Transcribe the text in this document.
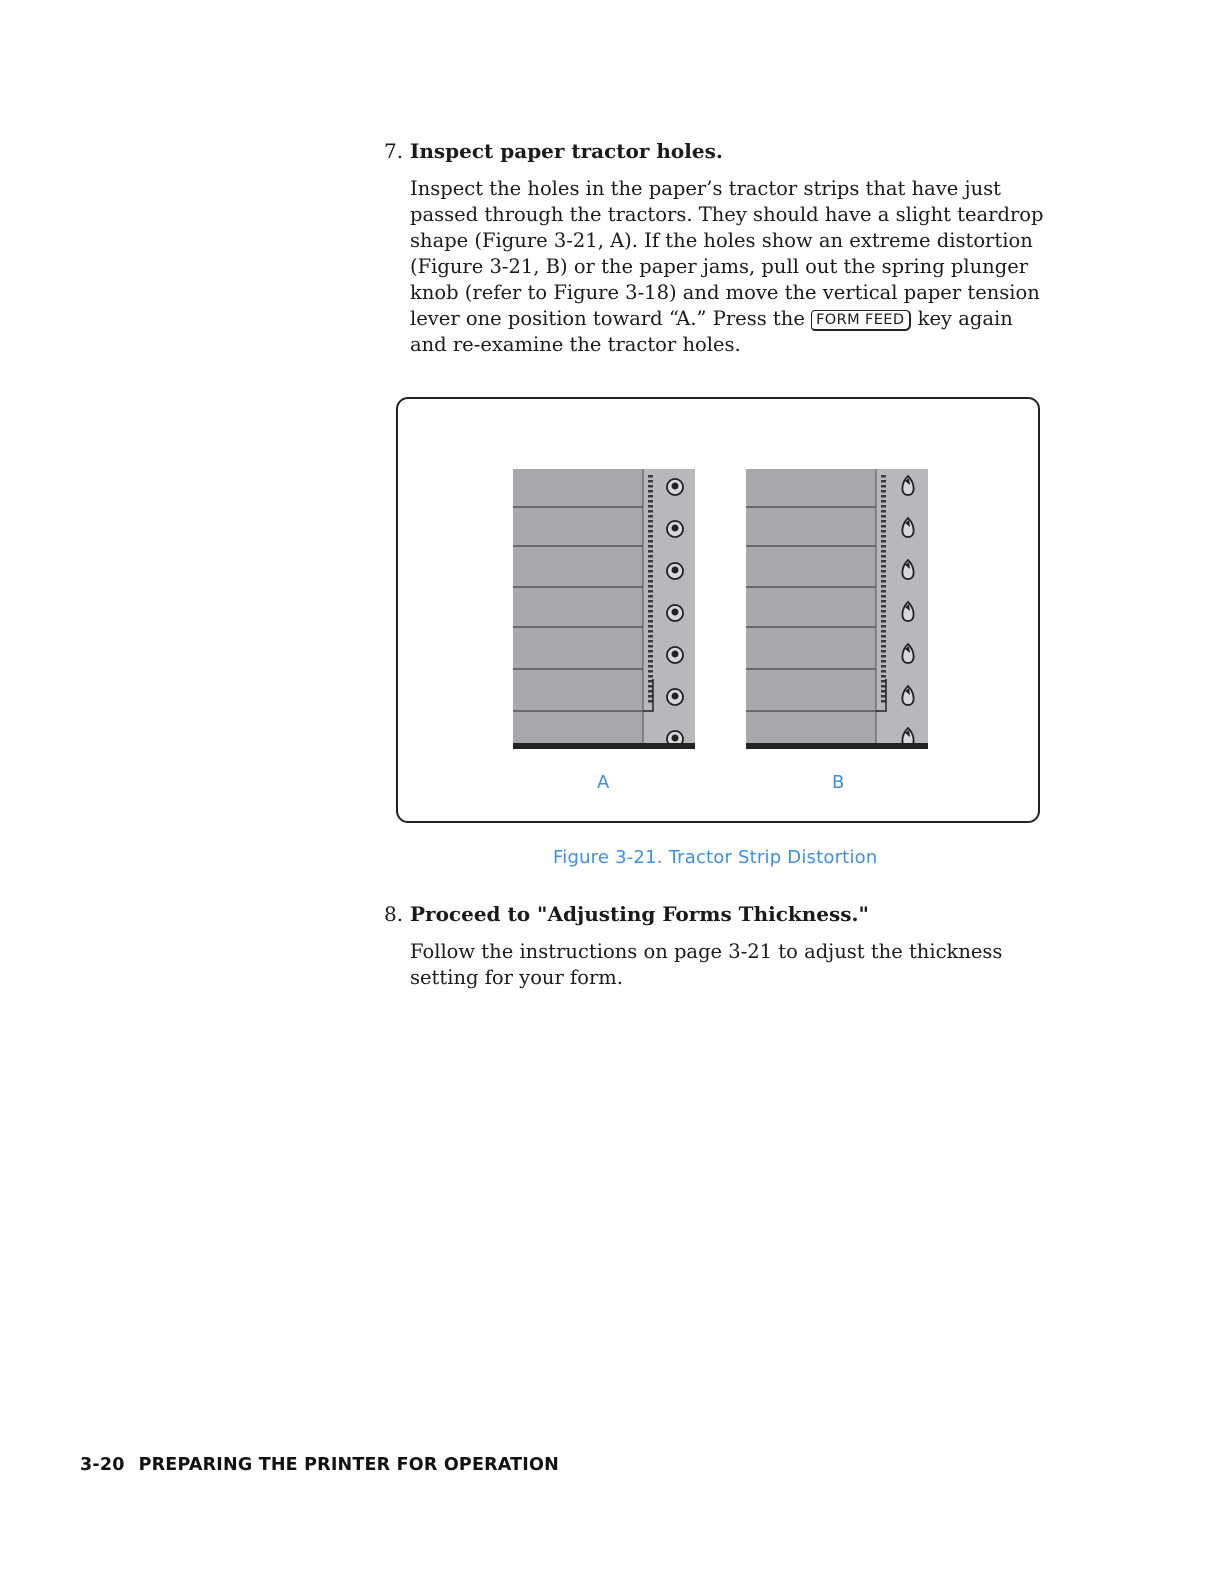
7. Inspect paper tractor holes.

Inspect the holes in the paper’s tractor strips that have just passed through the tractors. They should have a slight teardrop shape (Figure 3-21, A). If the holes show an extreme distortion (Figure 3-21, B) or the paper jams, pull out the spring plunger knob (refer to Figure 3-18) and move the vertical paper tension lever one position toward “A.” Press the FORM FEED key again and re-examine the tractor holes.

A	B
Figure 3-21. Tractor Strip Distortion

8. Proceed to "Adjusting Forms Thickness."

Follow the instructions on page 3-21 to adjust the thickness setting for your form.

3-20 PREPARING THE PRINTER FOR OPERATION
